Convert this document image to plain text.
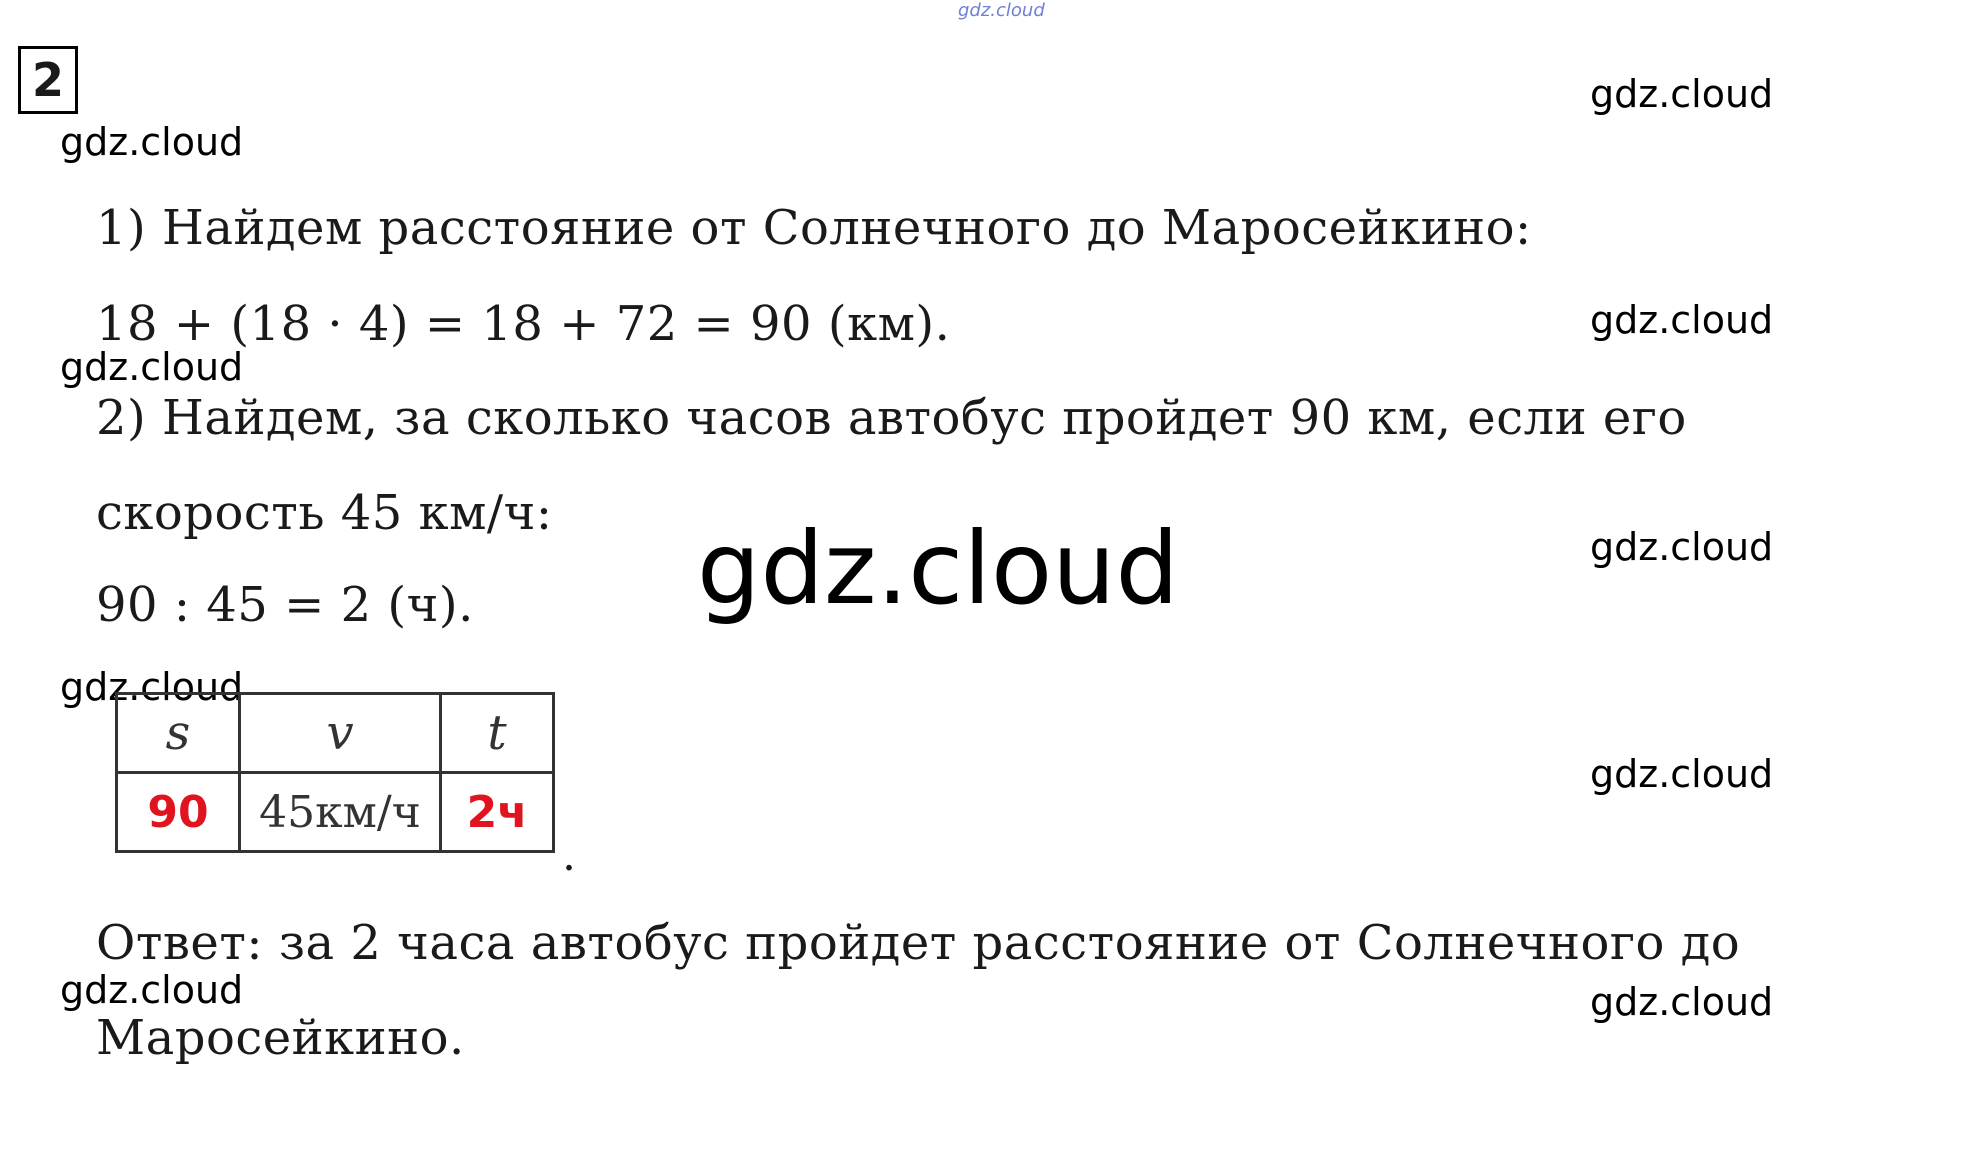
gdz.cloud
2
gdz.cloud
gdz.cloud
gdz.cloud
gdz.cloud
gdz.cloud
gdz.cloud
gdz.cloud
gdz.cloud
gdz.cloud
1) Найдем расстояние от Солнечного до Маросейкино:
18 + (18 · 4) = 18 + 72 = 90 (км).
2) Найдем, за сколько часов автобус пройдет 90 км, если его
скорость 45 км/ч:
90 : 45 = 2 (ч). gdz.cloud
s	v	t
90	45км/ч	2ч
.
Ответ: за 2 часа автобус пройдет расстояние от Солнечного до
Маросейкино.
